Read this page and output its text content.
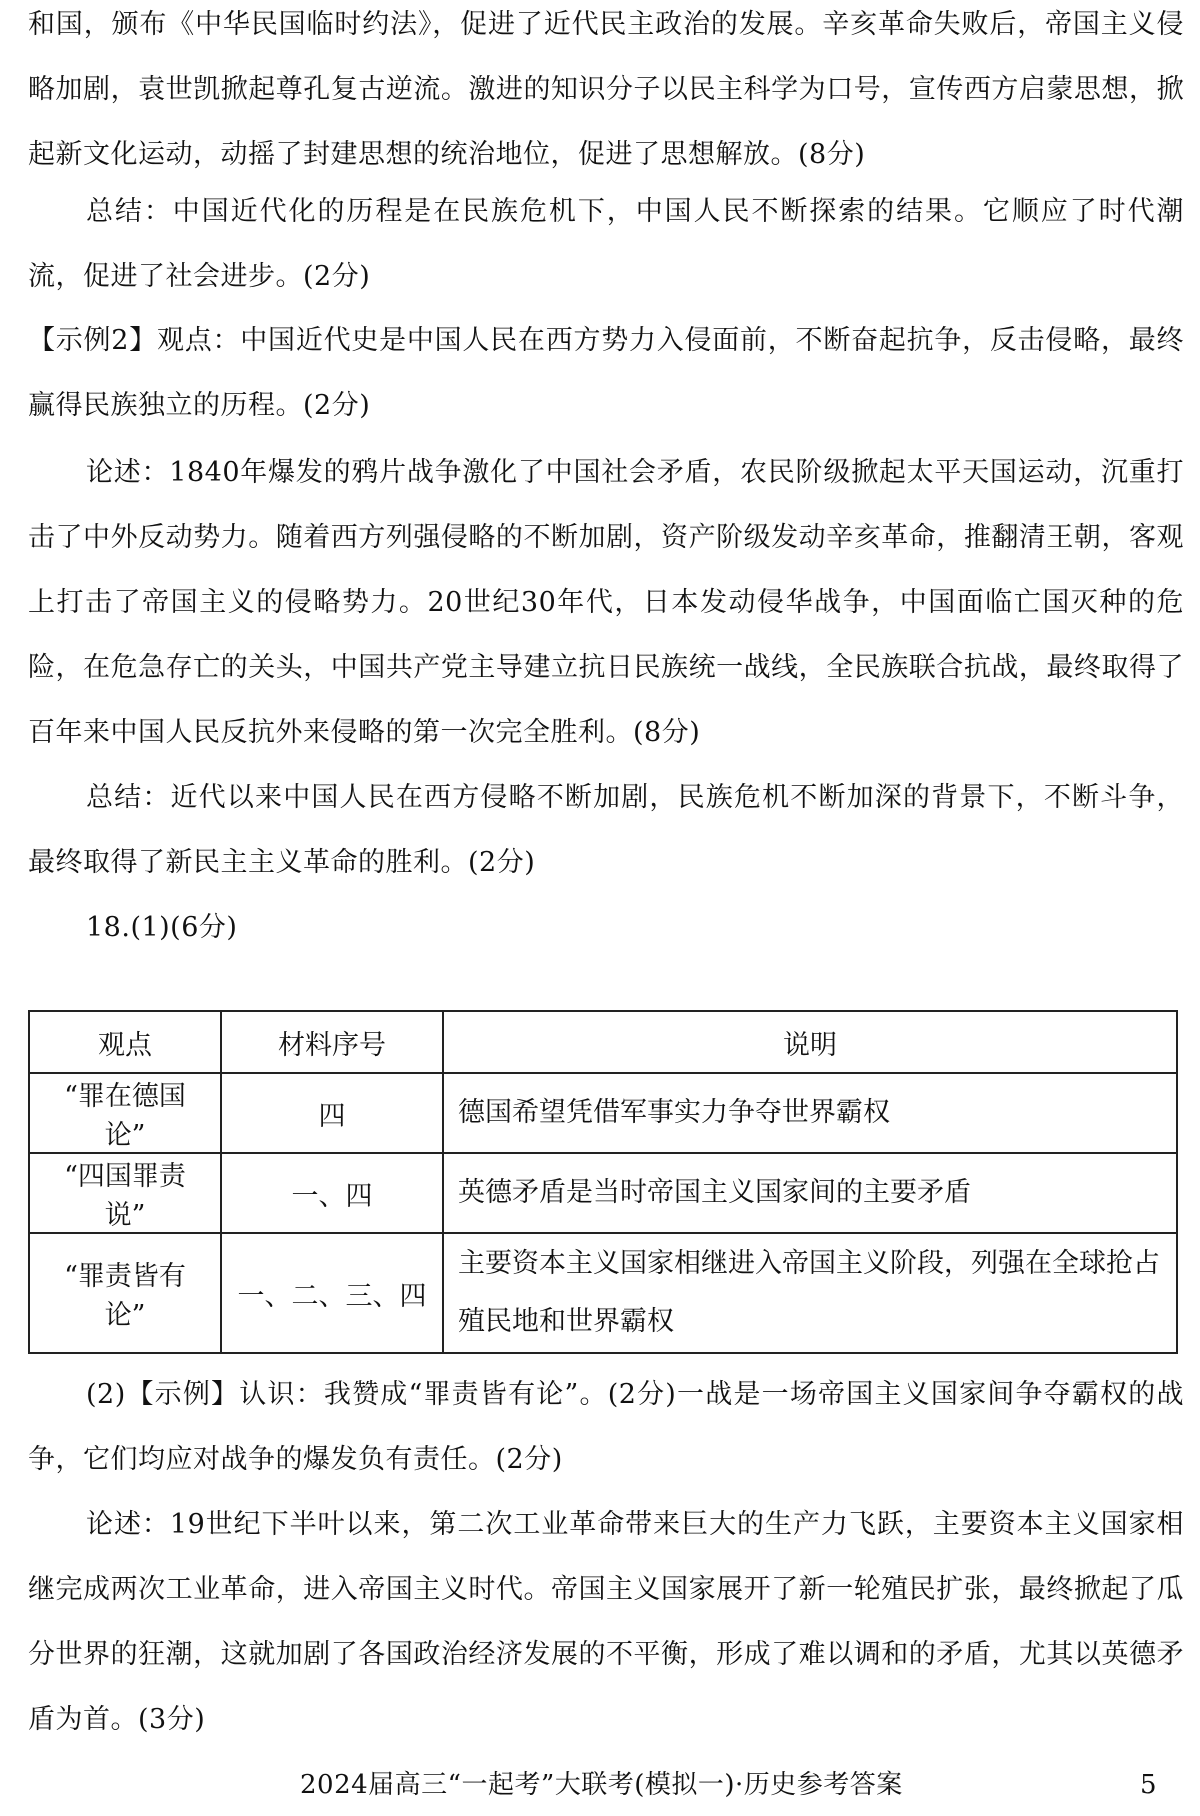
和国，颁布《中华民国临时约法》，促进了近代民主政治的发展。辛亥革命失败后，帝国主义侵略加剧，袁世凯掀起尊孔复古逆流。激进的知识分子以民主科学为口号，宣传西方启蒙思想，掀起新文化运动，动摇了封建思想的统治地位，促进了思想解放。(8分)

总结：中国近代化的历程是在民族危机下，中国人民不断探索的结果。它顺应了时代潮流，促进了社会进步。(2分)

【示例2】观点：中国近代史是中国人民在西方势力入侵面前，不断奋起抗争，反击侵略，最终赢得民族独立的历程。(2分)

论述：1840年爆发的鸦片战争激化了中国社会矛盾，农民阶级掀起太平天国运动，沉重打击了中外反动势力。随着西方列强侵略的不断加剧，资产阶级发动辛亥革命，推翻清王朝，客观上打击了帝国主义的侵略势力。20世纪30年代，日本发动侵华战争，中国面临亡国灭种的危险，在危急存亡的关头，中国共产党主导建立抗日民族统一战线，全民族联合抗战，最终取得了百年来中国人民反抗外来侵略的第一次完全胜利。(8分)

总结：近代以来中国人民在西方侵略不断加剧，民族危机不断加深的背景下，不断斗争，最终取得了新民主主义革命的胜利。(2分)

18.(1)(6分)

观点	材料序号	说明
“罪在德国论”	四	德国希望凭借军事实力争夺世界霸权
“四国罪责说”	一、四	英德矛盾是当时帝国主义国家间的主要矛盾
“罪责皆有论”	一、二、三、四	主要资本主义国家相继进入帝国主义阶段，列强在全球抢占殖民地和世界霸权

(2)【示例】认识：我赞成“罪责皆有论”。(2分)一战是一场帝国主义国家间争夺霸权的战争，它们均应对战争的爆发负有责任。(2分)

论述：19世纪下半叶以来，第二次工业革命带来巨大的生产力飞跃，主要资本主义国家相继完成两次工业革命，进入帝国主义时代。帝国主义国家展开了新一轮殖民扩张，最终掀起了瓜分世界的狂潮，这就加剧了各国政治经济发展的不平衡，形成了难以调和的矛盾，尤其以英德矛盾为首。(3分)

2024届高三“一起考”大联考(模拟一)·历史参考答案	5
